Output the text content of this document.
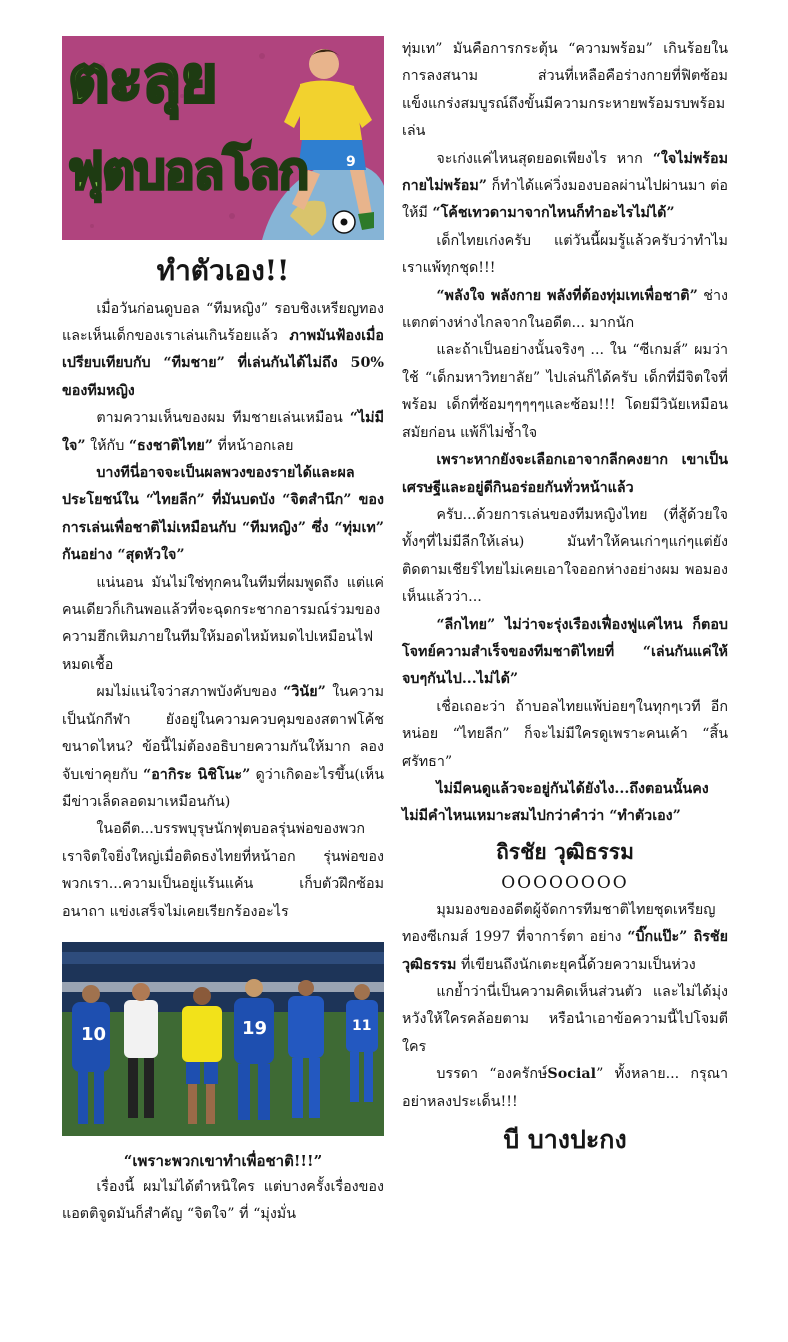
9
ตะลุย
ฟุตบอลโลก
ทำตัวเอง!!

เมื่อวันก่อนดูบอล “ทีมหญิง” รอบชิงเหรียญทอง และเห็นเด็กของเราเล่นเกินร้อยแล้ว ภาพมันฟ้องเมื่อเปรียบเทียบกับ “ทีมชาย” ที่เล่นกันได้ไม่ถึง 50% ของทีมหญิง

ตามความเห็นของผม ทีมชายเล่นเหมือน “ไม่มีใจ” ให้กับ “ธงชาติไทย” ที่หน้าอกเลย

บางทีนี่อาจจะเป็นผลพวงของรายได้และผลประโยชน์ใน “ไทยลีก” ที่มันบดบัง “จิตสำนึก” ของการเล่นเพื่อชาติไม่เหมือนกับ “ทีมหญิง” ซึ่ง “ทุ่มเท” กันอย่าง “สุดหัวใจ”

แน่นอน มันไม่ใช่ทุกคนในทีมที่ผมพูดถึง แต่แค่คนเดียวก็เกินพอแล้วที่จะฉุดกระชากอารมณ์ร่วมของความฮึกเหิมภายในทีมให้มอดไหม้หมดไปเหมือนไฟหมดเชื้อ

ผมไม่แน่ใจว่าสภาพบังคับของ “วินัย” ในความเป็นนักกีฬา ยังอยู่ในความควบคุมของสตาฟโค้ชขนาดไหน? ข้อนี้ไม่ต้องอธิบายความกันให้มาก ลองจับเข่าคุยกับ “อากิระ นิชิโนะ” ดูว่าเกิดอะไรขึ้น(เห็นมีข่าวเล็ดลอดมาเหมือนกัน)

ในอดีต...บรรพบุรุษนักฟุตบอลรุ่นพ่อของพวกเราจิตใจยิ่งใหญ่เมื่อติดธงไทยที่หน้าอก รุ่นพ่อของพวกเรา...ความเป็นอยู่แร้นแค้น เก็บตัวฝึกซ้อมอนาถา แข่งเสร็จไม่เคยเรียกร้องอะไร

10	19	11
“เพราะพวกเขาทำเพื่อชาติ!!!”

เรื่องนี้ ผมไม่ได้ตำหนิใคร แต่บางครั้งเรื่องของแอตติจูดมันก็สำคัญ “จิตใจ” ที่ “มุ่งมั่น

ทุ่มเท” มันคือการกระตุ้น “ความพร้อม” เกินร้อยในการลงสนาม ส่วนที่เหลือคือร่างกายที่ฟิตซ้อมแข็งแกร่งสมบูรณ์ถึงขั้นมีความกระหายพร้อมรบพร้อมเล่น

จะเก่งแค่ไหนสุดยอดเพียงไร หาก “ใจไม่พร้อม กายไม่พร้อม” ก็ทำได้แค่วิ่งมองบอลผ่านไปผ่านมา ต่อให้มี “โค้ชเทวดามาจากไหนก็ทำอะไรไม่ได้”

เด็กไทยเก่งครับ แต่วันนี้ผมรู้แล้วครับว่าทำไมเราแพ้ทุกชุด!!!

“พลังใจ พลังกาย พลังที่ต้องทุ่มเทเพื่อชาติ” ช่างแตกต่างห่างไกลจากในอดีต... มากนัก

และถ้าเป็นอย่างนั้นจริงๆ ... ใน “ซีเกมส์” ผมว่าใช้ “เด็กมหาวิทยาลัย” ไปเล่นก็ได้ครับ เด็กที่มีจิตใจที่พร้อม เด็กที่ซ้อมๆๆๆๆๆและซ้อม!!! โดยมีวินัยเหมือนสมัยก่อน แพ้ก็ไม่ช้ำใจ

เพราะหากยังจะเลือกเอาจากลีกคงยาก เขาเป็นเศรษฐีและอยู่ดีกินอร่อยกันทั่วหน้าแล้ว

ครับ...ด้วยการเล่นของทีมหญิงไทย (ที่สู้ด้วยใจทั้งๆที่ไม่มีลีกให้เล่น) มันทำให้คนเก่าๆแก่ๆแต่ยังติดตามเชียร์ไทยไม่เคยเอาใจออกห่างอย่างผม พอมองเห็นแล้วว่า...

“ลีกไทย” ไม่ว่าจะรุ่งเรืองเฟื่องฟูแค่ไหน ก็ตอบโจทย์ความสำเร็จของทีมชาติไทยที่ “เล่นกันแค่ให้จบๆกันไป...ไม่ได้”

เชื่อเถอะว่า ถ้าบอลไทยแพ้บ่อยๆในทุกๆเวที อีกหน่อย “ไทยลีก” ก็จะไม่มีใครดูเพราะคนเค้า “สิ้นศรัทธา”

ไม่มีคนดูแล้วจะอยู่กันได้ยังไง...ถึงตอนนั้นคงไม่มีคำไหนเหมาะสมไปกว่าคำว่า “ทำตัวเอง”

ถิรชัย วุฒิธรรม
OOOOOOOO

มุมมองของอดีตผู้จัดการทีมชาติไทยชุดเหรียญทองซีเกมส์ 1997 ที่จาการ์ตา อย่าง “บิ๊กแป๊ะ” ถิรชัย วุฒิธรรม ที่เขียนถึงนักเตะยุคนี้ด้วยความเป็นห่วง

แกย้ำว่านี่เป็นความคิดเห็นส่วนตัว และไม่ได้มุ่งหวังให้ใครคล้อยตาม หรือนำเอาข้อความนี้ไปโจมตีใคร

บรรดา “องครักษ์Social” ทั้งหลาย... กรุณา อย่าหลงประเด็น!!!

บี บางปะกง
